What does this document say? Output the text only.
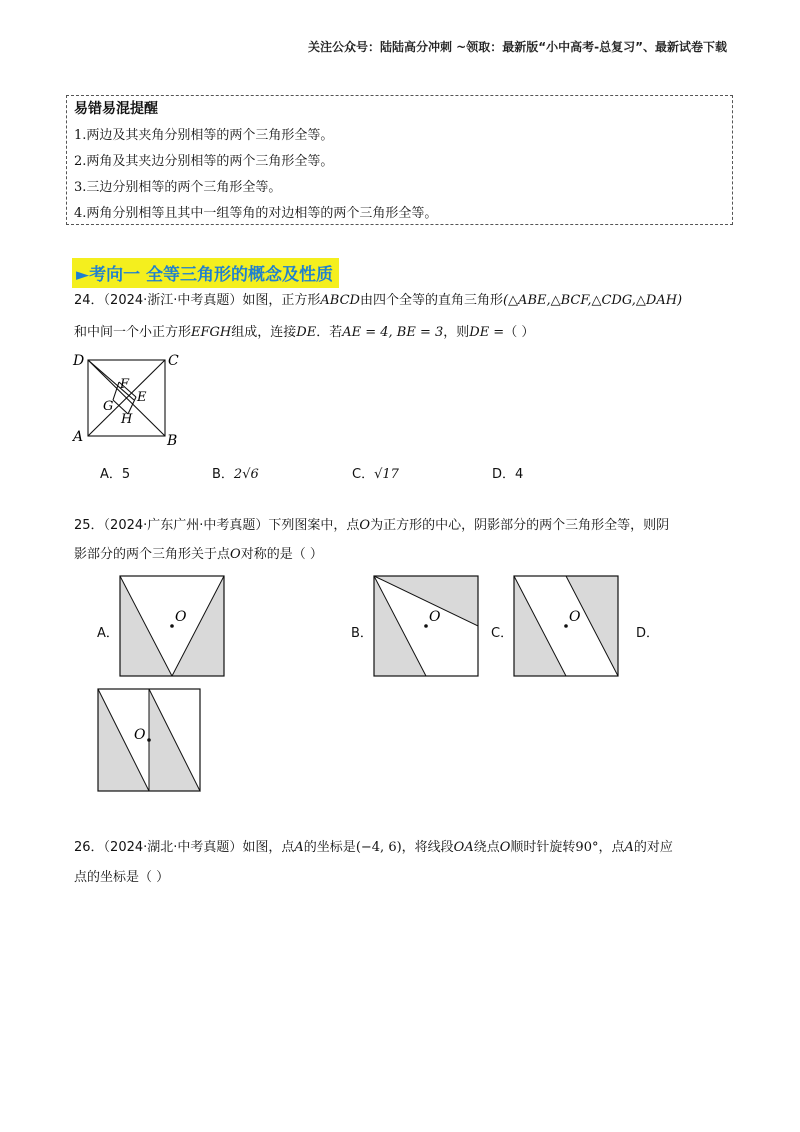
关注公众号：陆陆高分冲刺 ~领取：最新版“小中高考-总复习”、最新试卷下载
易错易混提醒
1.两边及其夹角分别相等的两个三角形全等。
2.两角及其夹边分别相等的两个三角形全等。
3.三边分别相等的两个三角形全等。
4.两角分别相等且其中一组等角的对边相等的两个三角形全等。
►考向一 全等三角形的概念及性质
24．（2024·浙江·中考真题）如图，正方形ABCD由四个全等的直角三角形(△ABE,△BCF,△CDG,△DAH)
和中间一个小正方形EFGH组成，连接DE．若AE = 4, BE = 3，则DE =（ ）
D	C
A	B
F
E
G
H
A．5	B．2√6	C．√17	D．4
25．（2024·广东广州·中考真题）下列图案中，点O为正方形的中心，阴影部分的两个三角形全等，则阴
影部分的两个三角形关于点O对称的是（ ）
A．
O
B．
O
C．
O
D．
O
26．（2024·湖北·中考真题）如图，点A的坐标是(−4, 6)，将线段OA绕点O顺时针旋转90°，点A的对应
点的坐标是（ ）
